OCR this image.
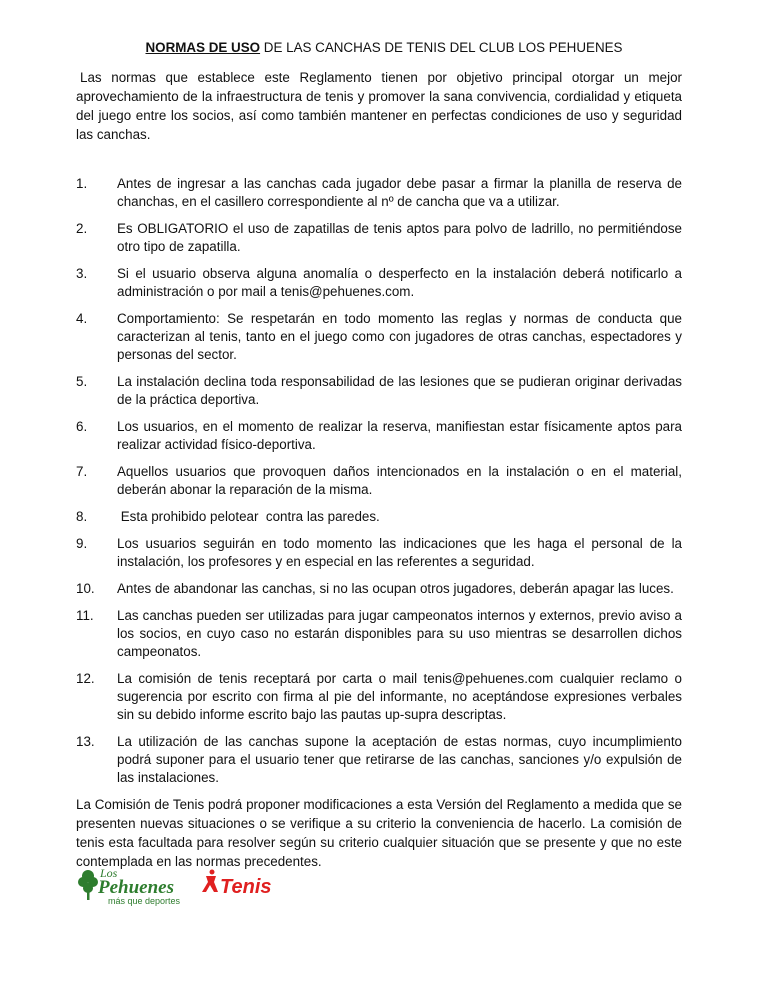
NORMAS DE USO DE LAS CANCHAS DE TENIS DEL CLUB LOS PEHUENES

Las normas que establece este Reglamento tienen por objetivo principal otorgar un mejor aprovechamiento de la infraestructura de tenis y promover la sana convivencia, cordialidad y etiqueta del juego entre los socios, así como también mantener en perfectas condiciones de uso y seguridad las canchas.

1. Antes de ingresar a las canchas cada jugador debe pasar a firmar la planilla de reserva de chanchas, en el casillero correspondiente al nº de cancha que va a utilizar.
2. Es OBLIGATORIO el uso de zapatillas de tenis aptos para polvo de ladrillo, no permitiéndose otro tipo de zapatilla.
3. Si el usuario observa alguna anomalía o desperfecto en la instalación deberá notificarlo a administración o por mail a tenis@pehuenes.com.
4. Comportamiento: Se respetarán en todo momento las reglas y normas de conducta que caracterizan al tenis, tanto en el juego como con jugadores de otras canchas, espectadores y personas del sector.
5. La instalación declina toda responsabilidad de las lesiones que se pudieran originar derivadas de la práctica deportiva.
6. Los usuarios, en el momento de realizar la reserva, manifiestan estar físicamente aptos para realizar actividad físico-deportiva.
7. Aquellos usuarios que provoquen daños intencionados en la instalación o en el material, deberán abonar la reparación de la misma.
8. Esta prohibido pelotear  contra las paredes.
9. Los usuarios seguirán en todo momento las indicaciones que les haga el personal de la instalación, los profesores y en especial en las referentes a seguridad.
10. Antes de abandonar las canchas, si no las ocupan otros jugadores, deberán apagar las luces.
11. Las canchas pueden ser utilizadas para jugar campeonatos internos y externos, previo aviso a los socios, en cuyo caso no estarán disponibles para su uso mientras se desarrollen dichos campeonatos.
12. La comisión de tenis receptará por carta o mail tenis@pehuenes.com cualquier reclamo o sugerencia por escrito con firma al pie del informante, no aceptándose expresiones verbales sin su debido informe escrito bajo las pautas up-supra descriptas.
13. La utilización de las canchas supone la aceptación de estas normas, cuyo incumplimiento podrá suponer para el usuario tener que retirarse de las canchas, sanciones y/o expulsión de las instalaciones.

La Comisión de Tenis podrá proponer modificaciones a esta Versión del Reglamento a medida que se presenten nuevas situaciones o se verifique a su criterio la conveniencia de hacerlo. La comisión de tenis esta facultada para resolver según su criterio cualquier situación que se presente y que no este contemplada en las normas precedentes.

Los
Pehuenes
más que deportes
Tenis
